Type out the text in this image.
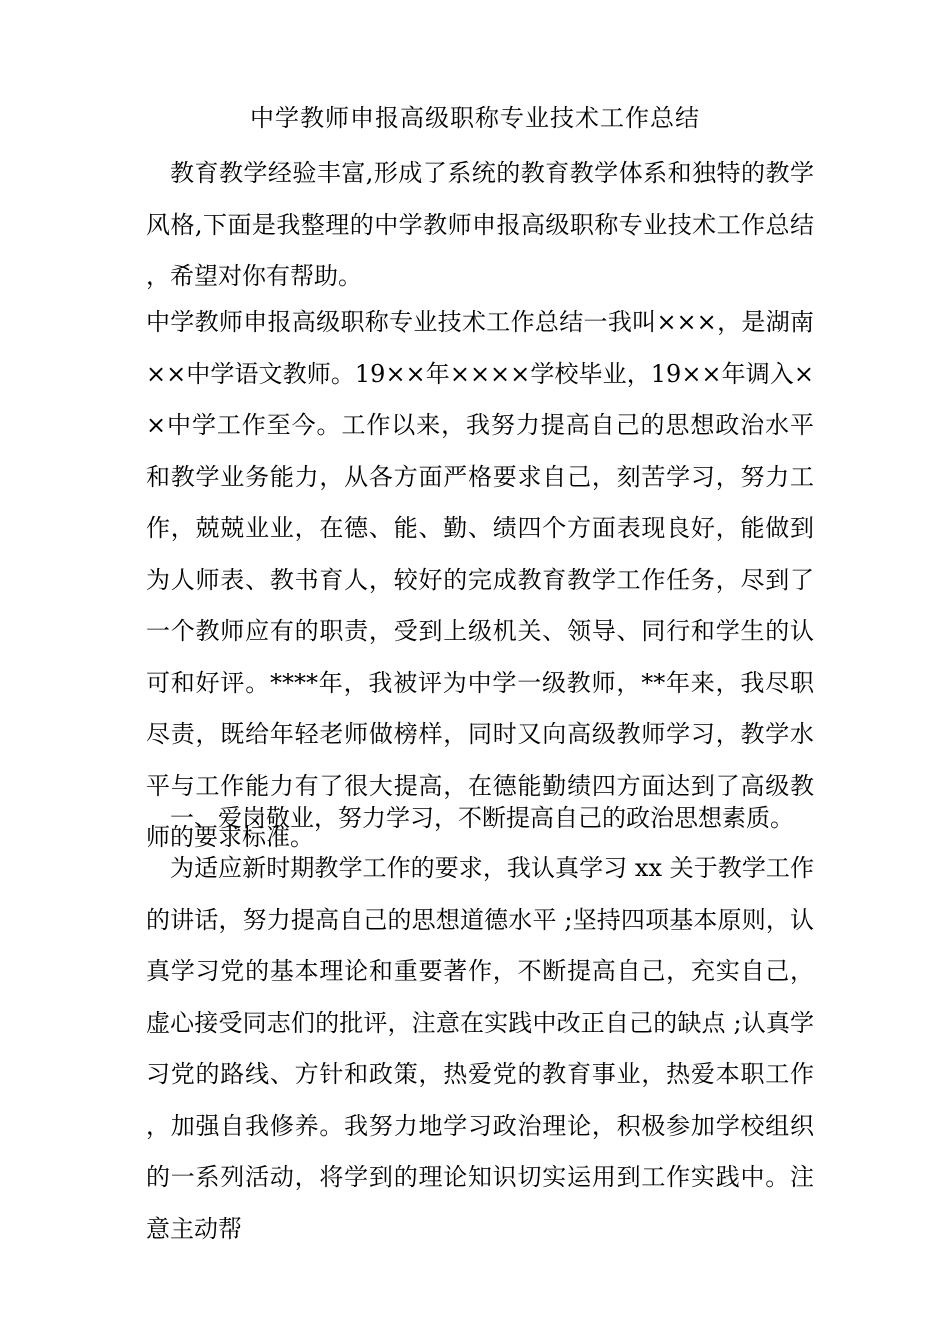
中学教师申报高级职称专业技术工作总结

教育教学经验丰富,形成了系统的教育教学体系和独特的教学风格,下面是我整理的中学教师申报高级职称专业技术工作总结，希望对你有帮助。

中学教师申报高级职称专业技术工作总结一我叫×××，是湖南××中学语文教师。19××年××××学校毕业，19××年调入××中学工作至今。工作以来，我努力提高自己的思想政治水平和教学业务能力，从各方面严格要求自己，刻苦学习，努力工作，兢兢业业，在德、能、勤、绩四个方面表现良好，能做到为人师表、教书育人，较好的完成教育教学工作任务，尽到了一个教师应有的职责，受到上级机关、领导、同行和学生的认可和好评。****年，我被评为中学一级教师，**年来，我尽职尽责，既给年轻老师做榜样，同时又向高级教师学习，教学水平与工作能力有了很大提高，在德能勤绩四方面达到了高级教师的要求标准。

一、爱岗敬业，努力学习，不断提高自己的政治思想素质。

为适应新时期教学工作的要求，我认真学习 xx 关于教学工作的讲话，努力提高自己的思想道德水平 ;坚持四项基本原则，认真学习党的基本理论和重要著作，不断提高自己，充实自己，虚心接受同志们的批评，注意在实践中改正自己的缺点 ;认真学习党的路线、方针和政策，热爱党的教育事业，热爱本职工作，加强自我修养。我努力地学习政治理论，积极参加学校组织的一系列活动，将学到的理论知识切实运用到工作实践中。注意主动帮
